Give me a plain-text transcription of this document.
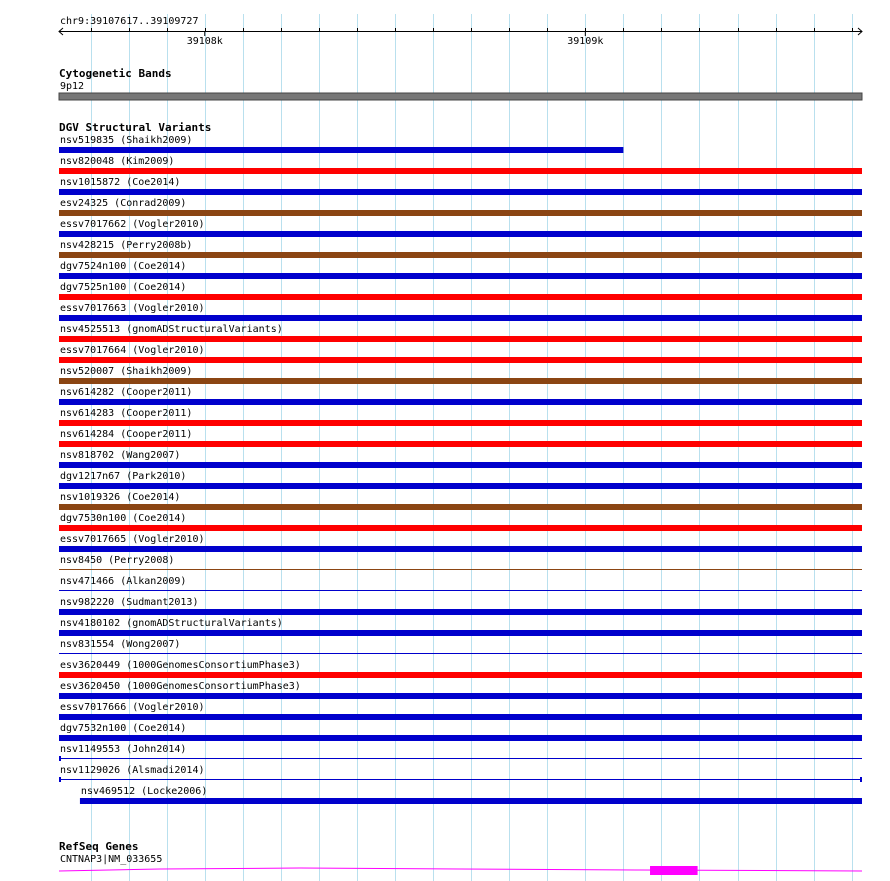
chr9:39107617..39109727
39108k	39109k
Cytogenetic Bands
9p12
DGV Structural Variants
nsv519835 (Shaikh2009)
nsv820048 (Kim2009)
nsv1015872 (Coe2014)
esv24325 (Conrad2009)
essv7017662 (Vogler2010)
nsv428215 (Perry2008b)
dgv7524n100 (Coe2014)
dgv7525n100 (Coe2014)
essv7017663 (Vogler2010)
nsv4525513 (gnomADStructuralVariants)
essv7017664 (Vogler2010)
nsv520007 (Shaikh2009)
nsv614282 (Cooper2011)
nsv614283 (Cooper2011)
nsv614284 (Cooper2011)
nsv818702 (Wang2007)
dgv1217n67 (Park2010)
nsv1019326 (Coe2014)
dgv7530n100 (Coe2014)
essv7017665 (Vogler2010)
nsv8450 (Perry2008)
nsv471466 (Alkan2009)
nsv982220 (Sudmant2013)
nsv4180102 (gnomADStructuralVariants)
nsv831554 (Wong2007)
esv3620449 (1000GenomesConsortiumPhase3)
esv3620450 (1000GenomesConsortiumPhase3)
essv7017666 (Vogler2010)
dgv7532n100 (Coe2014)
nsv1149553 (John2014)
nsv1129026 (Alsmadi2014)
nsv469512 (Locke2006)
RefSeq Genes
CNTNAP3|NM_033655
